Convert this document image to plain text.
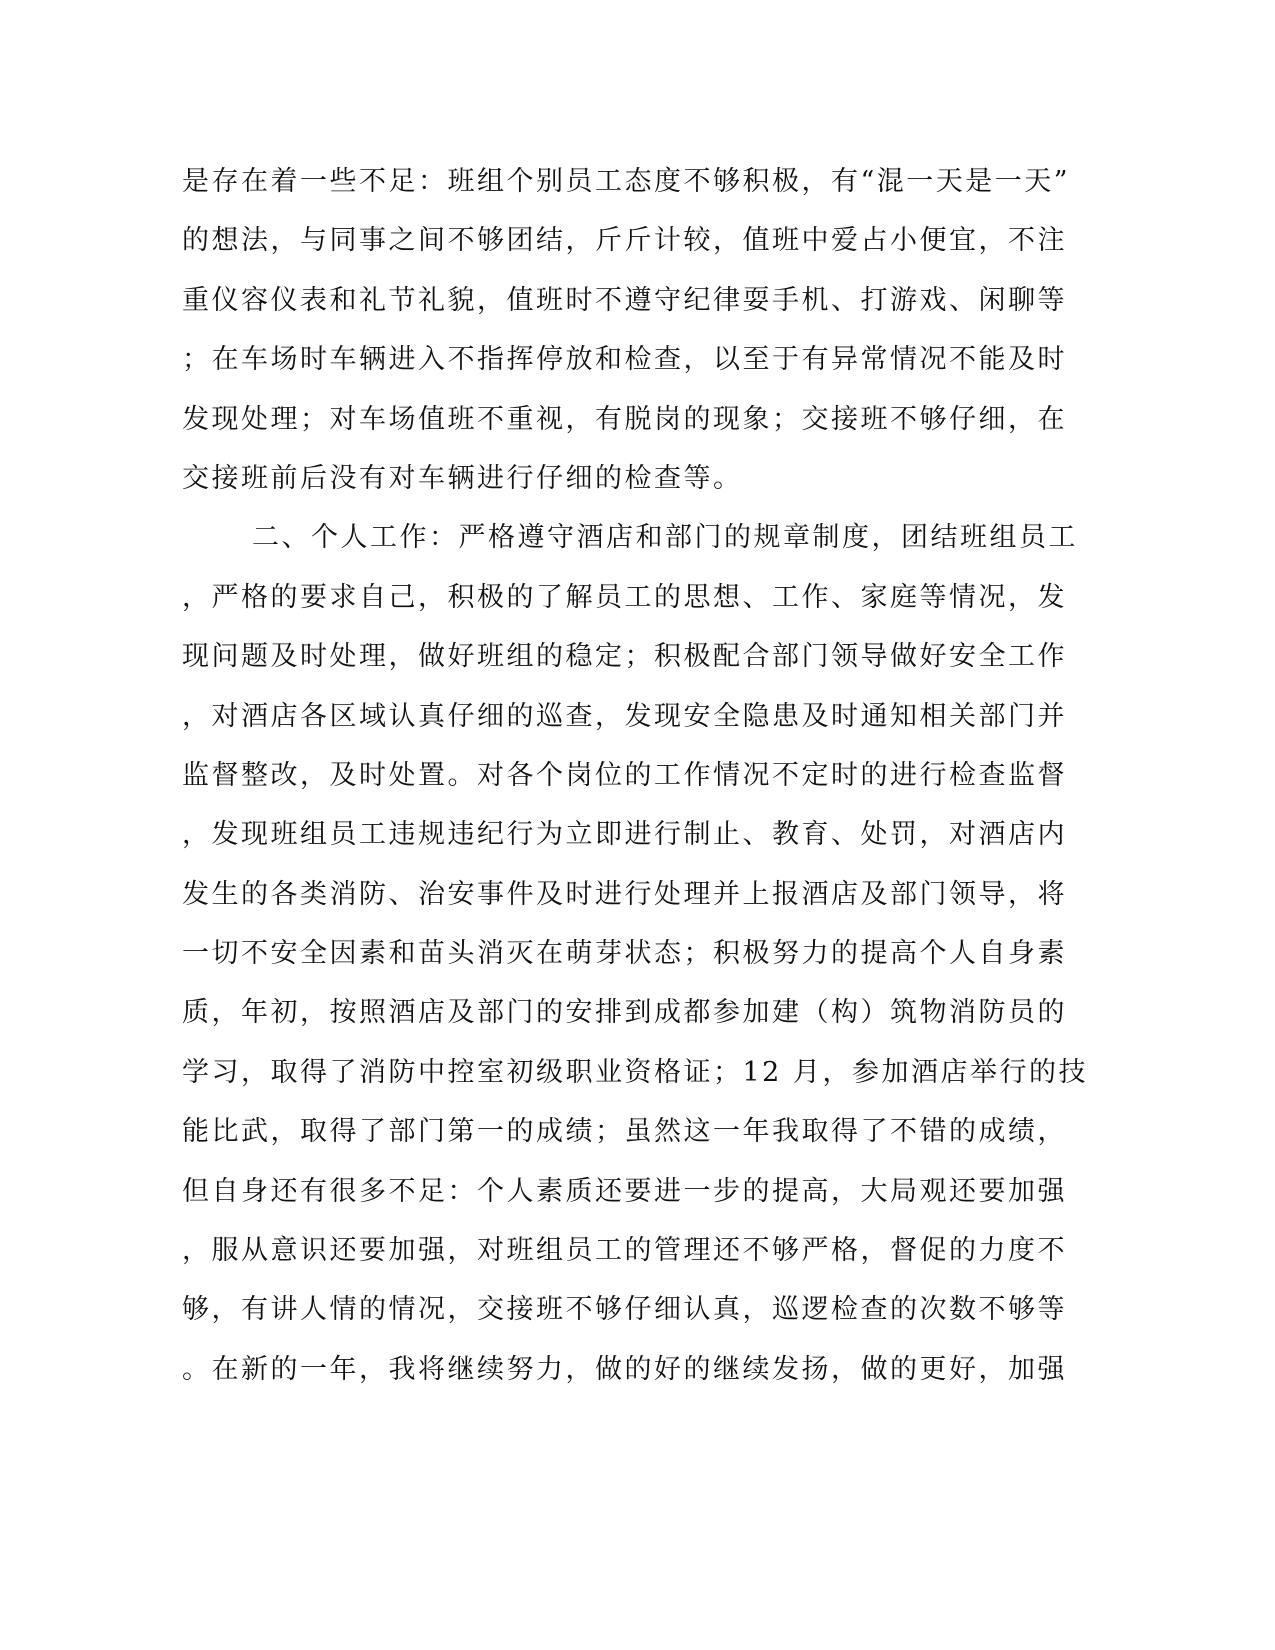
是存在着一些不足：班组个别员工态度不够积极，有“混一天是一天”
的想法，与同事之间不够团结，斤斤计较，值班中爱占小便宜，不注
重仪容仪表和礼节礼貌，值班时不遵守纪律耍手机、打游戏、闲聊等
；在车场时车辆进入不指挥停放和检查，以至于有异常情况不能及时
发现处理；对车场值班不重视，有脱岗的现象；交接班不够仔细，在
交接班前后没有对车辆进行仔细的检查等。
二、个人工作：严格遵守酒店和部门的规章制度，团结班组员工
，严格的要求自己，积极的了解员工的思想、工作、家庭等情况，发
现问题及时处理，做好班组的稳定；积极配合部门领导做好安全工作
，对酒店各区域认真仔细的巡查，发现安全隐患及时通知相关部门并
监督整改，及时处置。对各个岗位的工作情况不定时的进行检查监督
，发现班组员工违规违纪行为立即进行制止、教育、处罚，对酒店内
发生的各类消防、治安事件及时进行处理并上报酒店及部门领导，将
一切不安全因素和苗头消灭在萌芽状态；积极努力的提高个人自身素
质，年初，按照酒店及部门的安排到成都参加建（构）筑物消防员的
学习，取得了消防中控室初级职业资格证；12 月，参加酒店举行的技
能比武，取得了部门第一的成绩；虽然这一年我取得了不错的成绩，
但自身还有很多不足：个人素质还要进一步的提高，大局观还要加强
，服从意识还要加强，对班组员工的管理还不够严格，督促的力度不
够，有讲人情的情况，交接班不够仔细认真，巡逻检查的次数不够等
。在新的一年，我将继续努力，做的好的继续发扬，做的更好，加强
